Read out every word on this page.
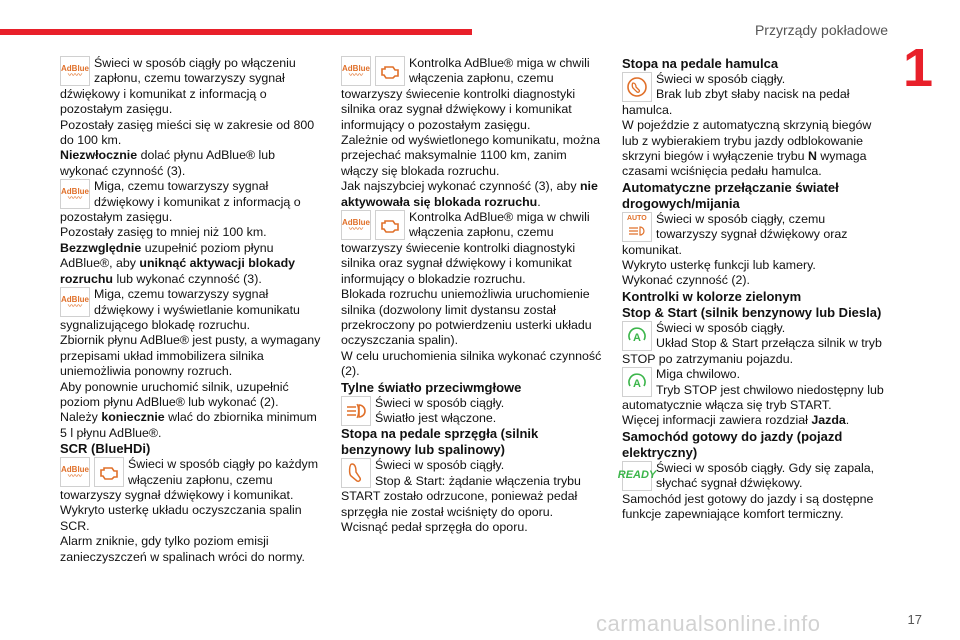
Przyrządy pokładowe
1
AdBlue
〰〰

Świeci w sposób ciągły po włączeniu zapłonu, czemu towarzyszy sygnał

dźwiękowy i komunikat z informacją o pozostałym zasięgu.

Pozostały zasięg mieści się w zakresie od 800 do 100 km.

Niezwłocznie dolać płynu AdBlue® lub wykonać czynność (3).

AdBlue
〰〰

Miga, czemu towarzyszy sygnał dźwiękowy i komunikat z informacją o

pozostałym zasięgu.

Pozostały zasięg to mniej niż 100 km.

Bezzwględnie uzupełnić poziom płynu AdBlue®, aby uniknąć aktywacji blokady rozruchu lub wykonać czynność (3).

AdBlue
〰〰

Miga, czemu towarzyszy sygnał dźwiękowy i wyświetlanie komunikatu

sygnalizującego blokadę rozruchu.

Zbiornik płynu AdBlue® jest pusty, a wymagany przepisami układ immobilizera silnika uniemożliwia ponowny rozruch.

Aby ponownie uruchomić silnik, uzupełnić poziom płynu AdBlue® lub wykonać (2).

Należy koniecznie wlać do zbiornika minimum 5 l płynu AdBlue®.

SCR (BlueHDi)

AdBlue
〰〰

Świeci w sposób ciągły po każdym włączeniu zapłonu, czemu

towarzyszy sygnał dźwiękowy i komunikat.

Wykryto usterkę układu oczyszczania spalin SCR.

Alarm zniknie, gdy tylko poziom emisji zanieczyszczeń w spalinach wróci do normy.

AdBlue
〰〰

Kontrolka AdBlue® miga w chwili włączenia zapłonu, czemu

towarzyszy świecenie kontrolki diagnostyki silnika oraz sygnał dźwiękowy i komunikat informujący o pozostałym zasięgu.

Zależnie od wyświetlonego komunikatu, można przejechać maksymalnie 1100 km, zanim włączy się blokada rozruchu.

Jak najszybciej wykonać czynność (3), aby nie aktywowała się blokada rozruchu.

AdBlue
〰〰

Kontrolka AdBlue® miga w chwili włączenia zapłonu, czemu

towarzyszy świecenie kontrolki diagnostyki silnika oraz sygnał dźwiękowy i komunikat informujący o blokadzie rozruchu.

Blokada rozruchu uniemożliwia uruchomienie silnika (dozwolony limit dystansu został przekroczony po potwierdzeniu usterki układu oczyszczania spalin).

W celu uruchomienia silnika wykonać czynność (2).

Tylne światło przeciwmgłowe

Świeci w sposób ciągły.

Światło jest włączone.

Stopa na pedale sprzęgła (silnik benzynowy lub spalinowy)

Świeci w sposób ciągły.

Stop & Start: żądanie włączenia trybu

START zostało odrzucone, ponieważ pedał sprzęgła nie został wciśnięty do oporu.

Wcisnąć pedał sprzęgła do oporu.

Stopa na pedale hamulca

Świeci w sposób ciągły.

Brak lub zbyt słaby nacisk na pedał

hamulca.

W pojeździe z automatyczną skrzynią biegów lub z wybierakiem trybu jazdy odblokowanie skrzyni biegów i wyłączenie trybu N wymaga czasami wciśnięcia pedału hamulca.

Automatyczne przełączanie świateł drogowych/mijania

AUTO Świeci w sposób ciągły, czemu towarzyszy sygnał dźwiękowy oraz

komunikat.

Wykryto usterkę funkcji lub kamery.

Wykonać czynność (2).

Kontrolki w kolorze zielonym

Stop & Start (silnik benzynowy lub Diesla)

A

Świeci w sposób ciągły.

Układ Stop & Start przełącza silnik w tryb

STOP po zatrzymaniu pojazdu.

A

Miga chwilowo.

Tryb STOP jest chwilowo niedostępny lub

automatycznie włącza się tryb START.

Więcej informacji zawiera rozdział Jazda.

Samochód gotowy do jazdy (pojazd elektryczny)

READY

Świeci w sposób ciągły. Gdy się zapala, słychać sygnał dźwiękowy.

Samochód jest gotowy do jazdy i są dostępne funkcje zapewniające komfort termiczny.

carmanualsonline.info	17
